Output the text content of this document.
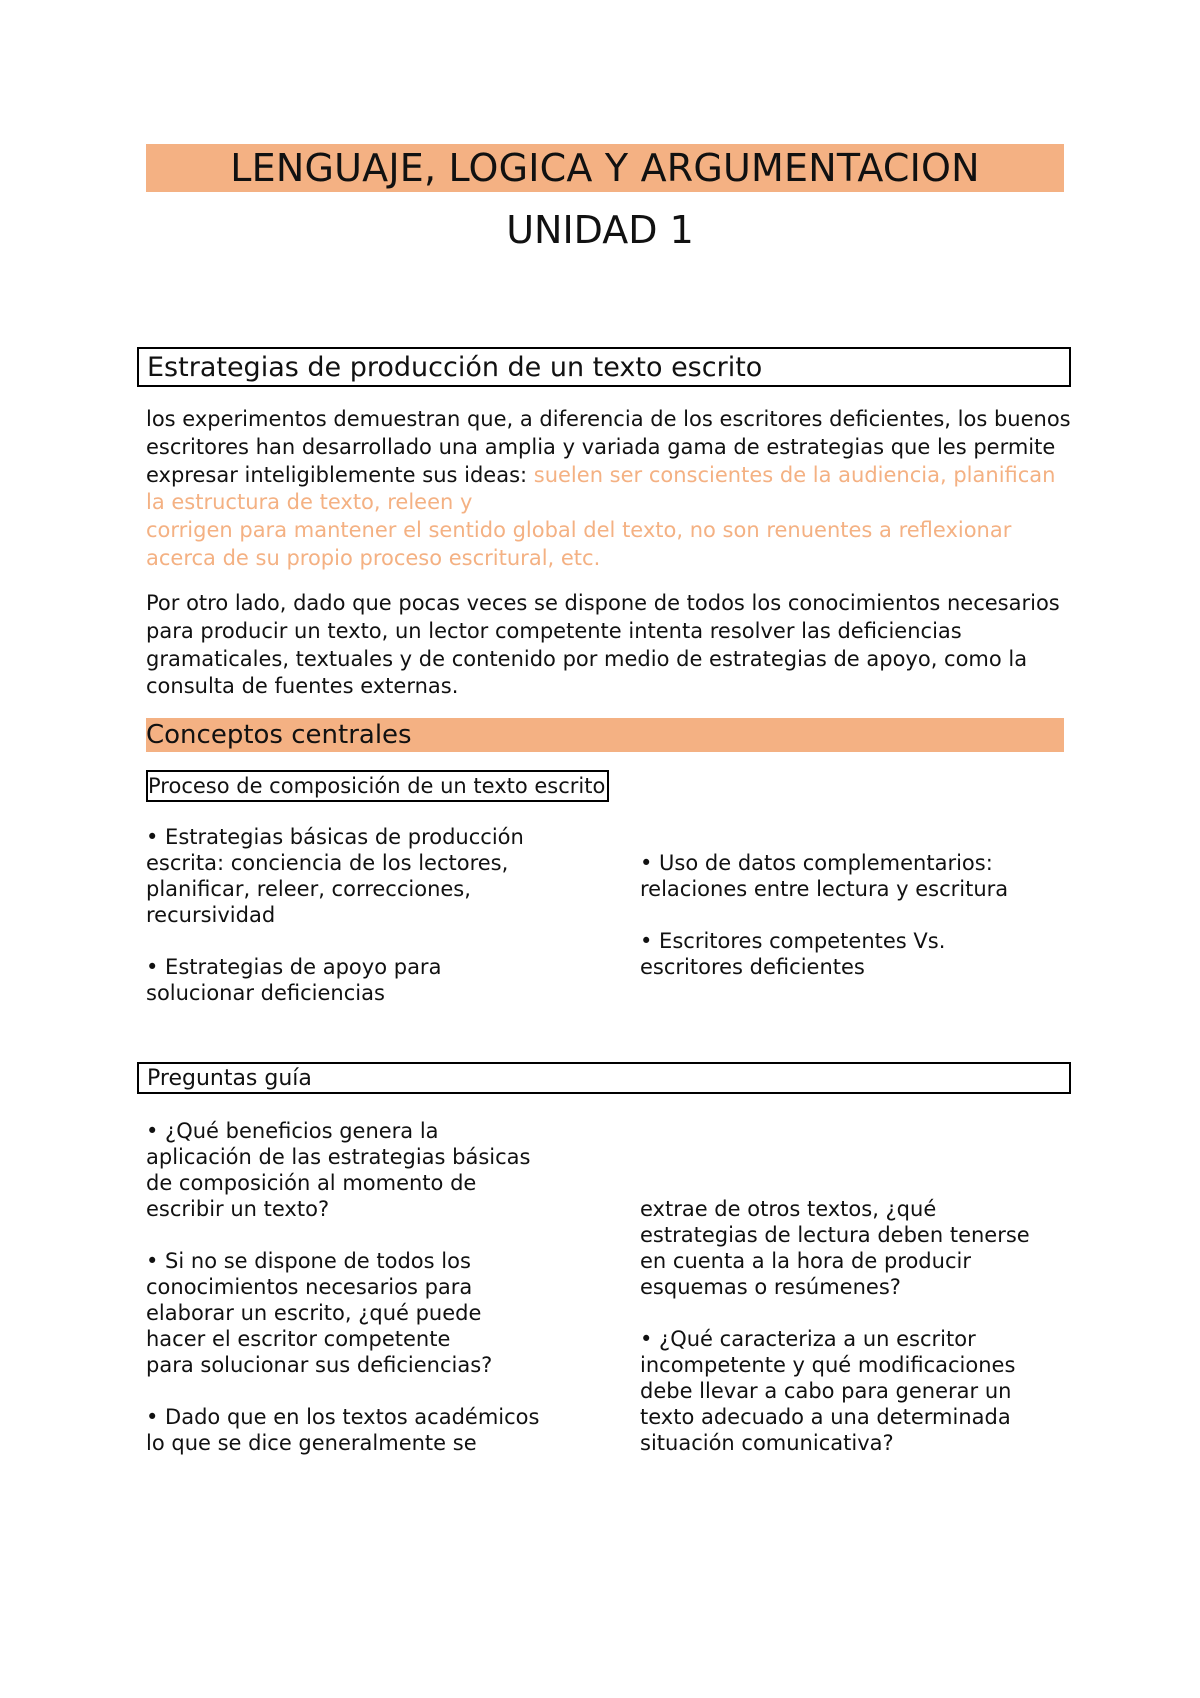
LENGUAJE, LOGICA Y ARGUMENTACION
UNIDAD 1
Estrategias de producción de un texto escrito

los experimentos demuestran que, a diferencia de los escritores deficientes, los buenos escritores han desarrollado una amplia y variada gama de estrategias que les permite expresar inteligiblemente sus ideas: suelen ser conscientes de la audiencia, planifican la estructura de texto, releen y
corrigen para mantener el sentido global del texto, no son renuentes a reflexionar acerca de su propio proceso escritural, etc.

Por otro lado, dado que pocas veces se dispone de todos los conocimientos necesarios para producir un texto, un lector competente intenta resolver las deficiencias gramaticales, textuales y de contenido por medio de estrategias de apoyo, como la consulta de fuentes externas.

Conceptos centrales
Proceso de composición de un texto escrito

• Estrategias básicas de producción

escrita: conciencia de los lectores,

planificar, releer, correcciones,

recursividad

• Estrategias de apoyo para

solucionar deficiencias

• Uso de datos complementarios:

relaciones entre lectura y escritura

• Escritores competentes Vs.

escritores deficientes

Preguntas guía

• ¿Qué beneficios genera la

aplicación de las estrategias básicas

de composición al momento de

escribir un texto?

• Si no se dispone de todos los

conocimientos necesarios para

elaborar un escrito, ¿qué puede

hacer el escritor competente

para solucionar sus deficiencias?

• Dado que en los textos académicos

lo que se dice generalmente se

extrae de otros textos, ¿qué

estrategias de lectura deben tenerse

en cuenta a la hora de producir

esquemas o resúmenes?

• ¿Qué caracteriza a un escritor

incompetente y qué modificaciones

debe llevar a cabo para generar un

texto adecuado a una determinada

situación comunicativa?
